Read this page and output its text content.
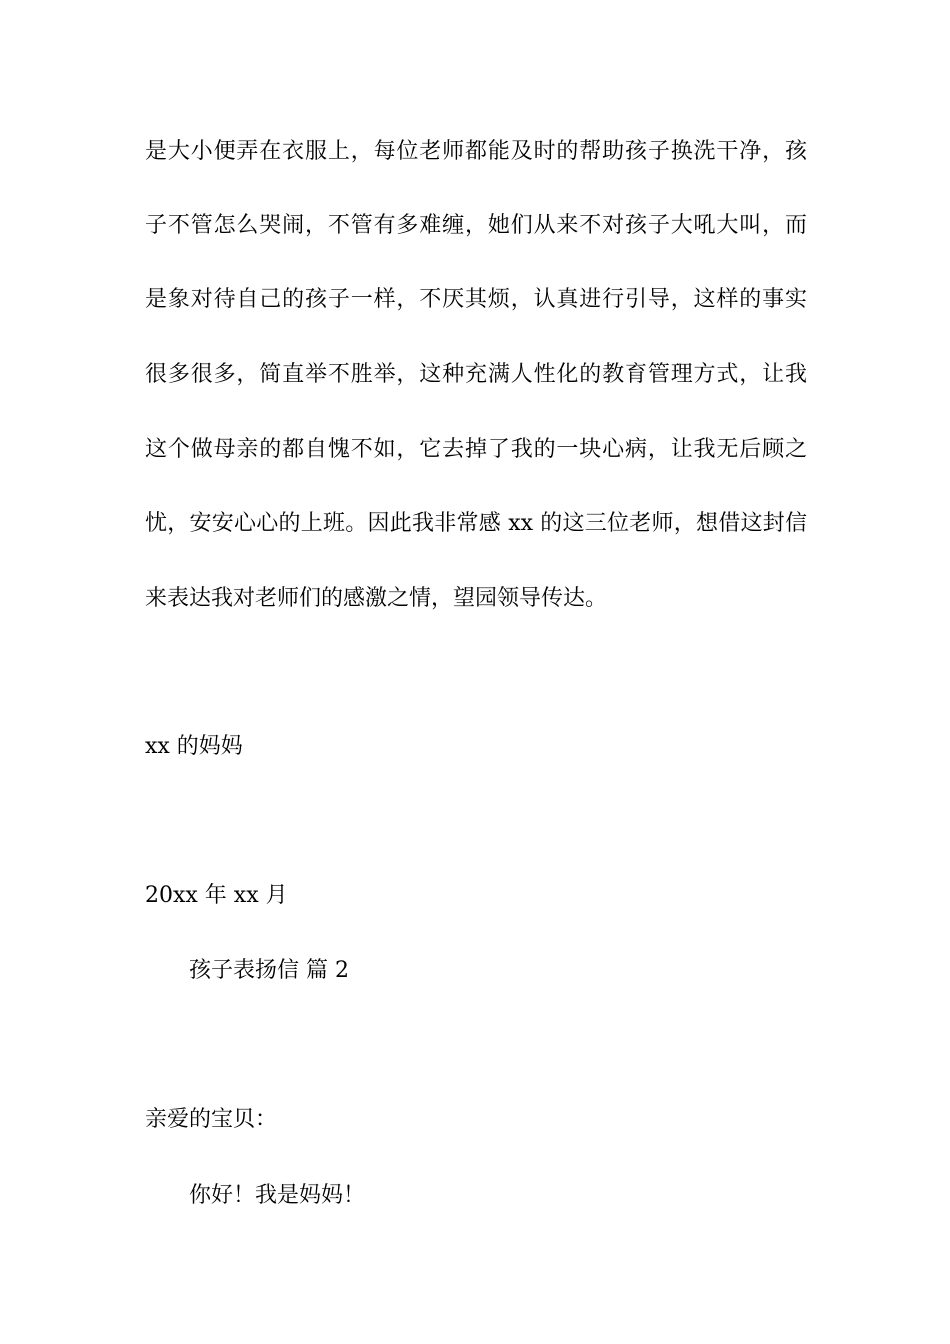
是大小便弄在衣服上，每位老师都能及时的帮助孩子换洗干净，孩
子不管怎么哭闹，不管有多难缠，她们从来不对孩子大吼大叫，而
是象对待自己的孩子一样，不厌其烦，认真进行引导，这样的事实
很多很多，简直举不胜举，这种充满人性化的教育管理方式，让我
这个做母亲的都自愧不如，它去掉了我的一块心病，让我无后顾之
忧，安安心心的上班。因此我非常感 xx 的这三位老师，想借这封信
来表达我对老师们的感激之情，望园领导传达。
xx 的妈妈
20xx 年 xx 月
孩子表扬信 篇 2
亲爱的宝贝：
你好！我是妈妈！
